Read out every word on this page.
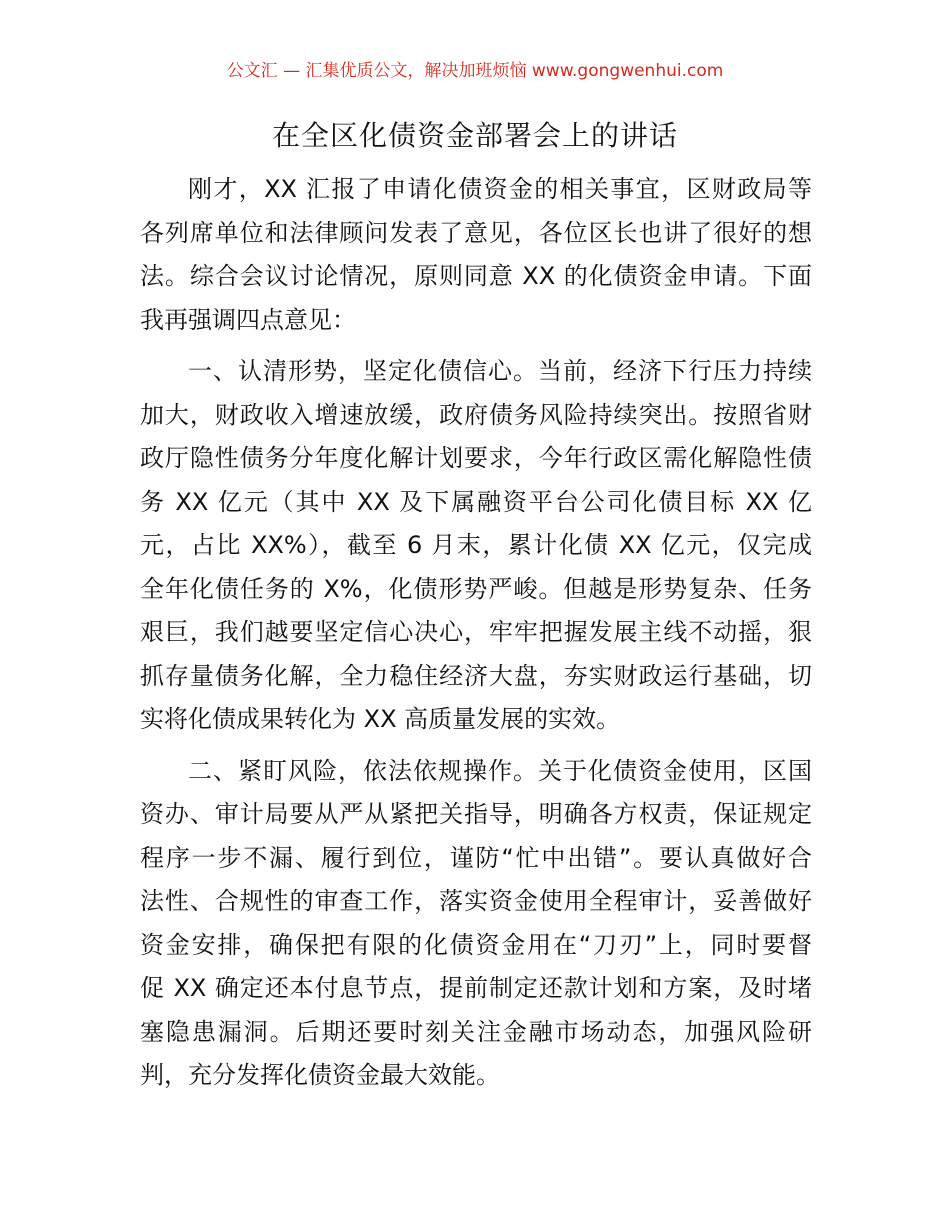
公文汇 — 汇集优质公文，解决加班烦恼 www.gongwenhui.com
在全区化债资金部署会上的讲话
刚才，XX 汇报了申请化债资金的相关事宜，区财政局等
各列席单位和法律顾问发表了意见，各位区长也讲了很好的想
法。综合会议讨论情况，原则同意 XX 的化债资金申请。下面
我再强调四点意见：
一、认清形势，坚定化债信心。当前，经济下行压力持续
加大，财政收入增速放缓，政府债务风险持续突出。按照省财
政厅隐性债务分年度化解计划要求，今年行政区需化解隐性债
务 XX 亿元（其中 XX 及下属融资平台公司化债目标 XX 亿
元，占比 XX%），截至 6 月末，累计化债 XX 亿元，仅完成
全年化债任务的 X%，化债形势严峻。但越是形势复杂、任务
艰巨，我们越要坚定信心决心，牢牢把握发展主线不动摇，狠
抓存量债务化解，全力稳住经济大盘，夯实财政运行基础，切
实将化债成果转化为 XX 高质量发展的实效。
二、紧盯风险，依法依规操作。关于化债资金使用，区国
资办、审计局要从严从紧把关指导，明确各方权责，保证规定
程序一步不漏、履行到位，谨防“忙中出错”。要认真做好合
法性、合规性的审查工作，落实资金使用全程审计，妥善做好
资金安排，确保把有限的化债资金用在“刀刃”上，同时要督
促 XX 确定还本付息节点，提前制定还款计划和方案，及时堵
塞隐患漏洞。后期还要时刻关注金融市场动态，加强风险研
判，充分发挥化债资金最大效能。
